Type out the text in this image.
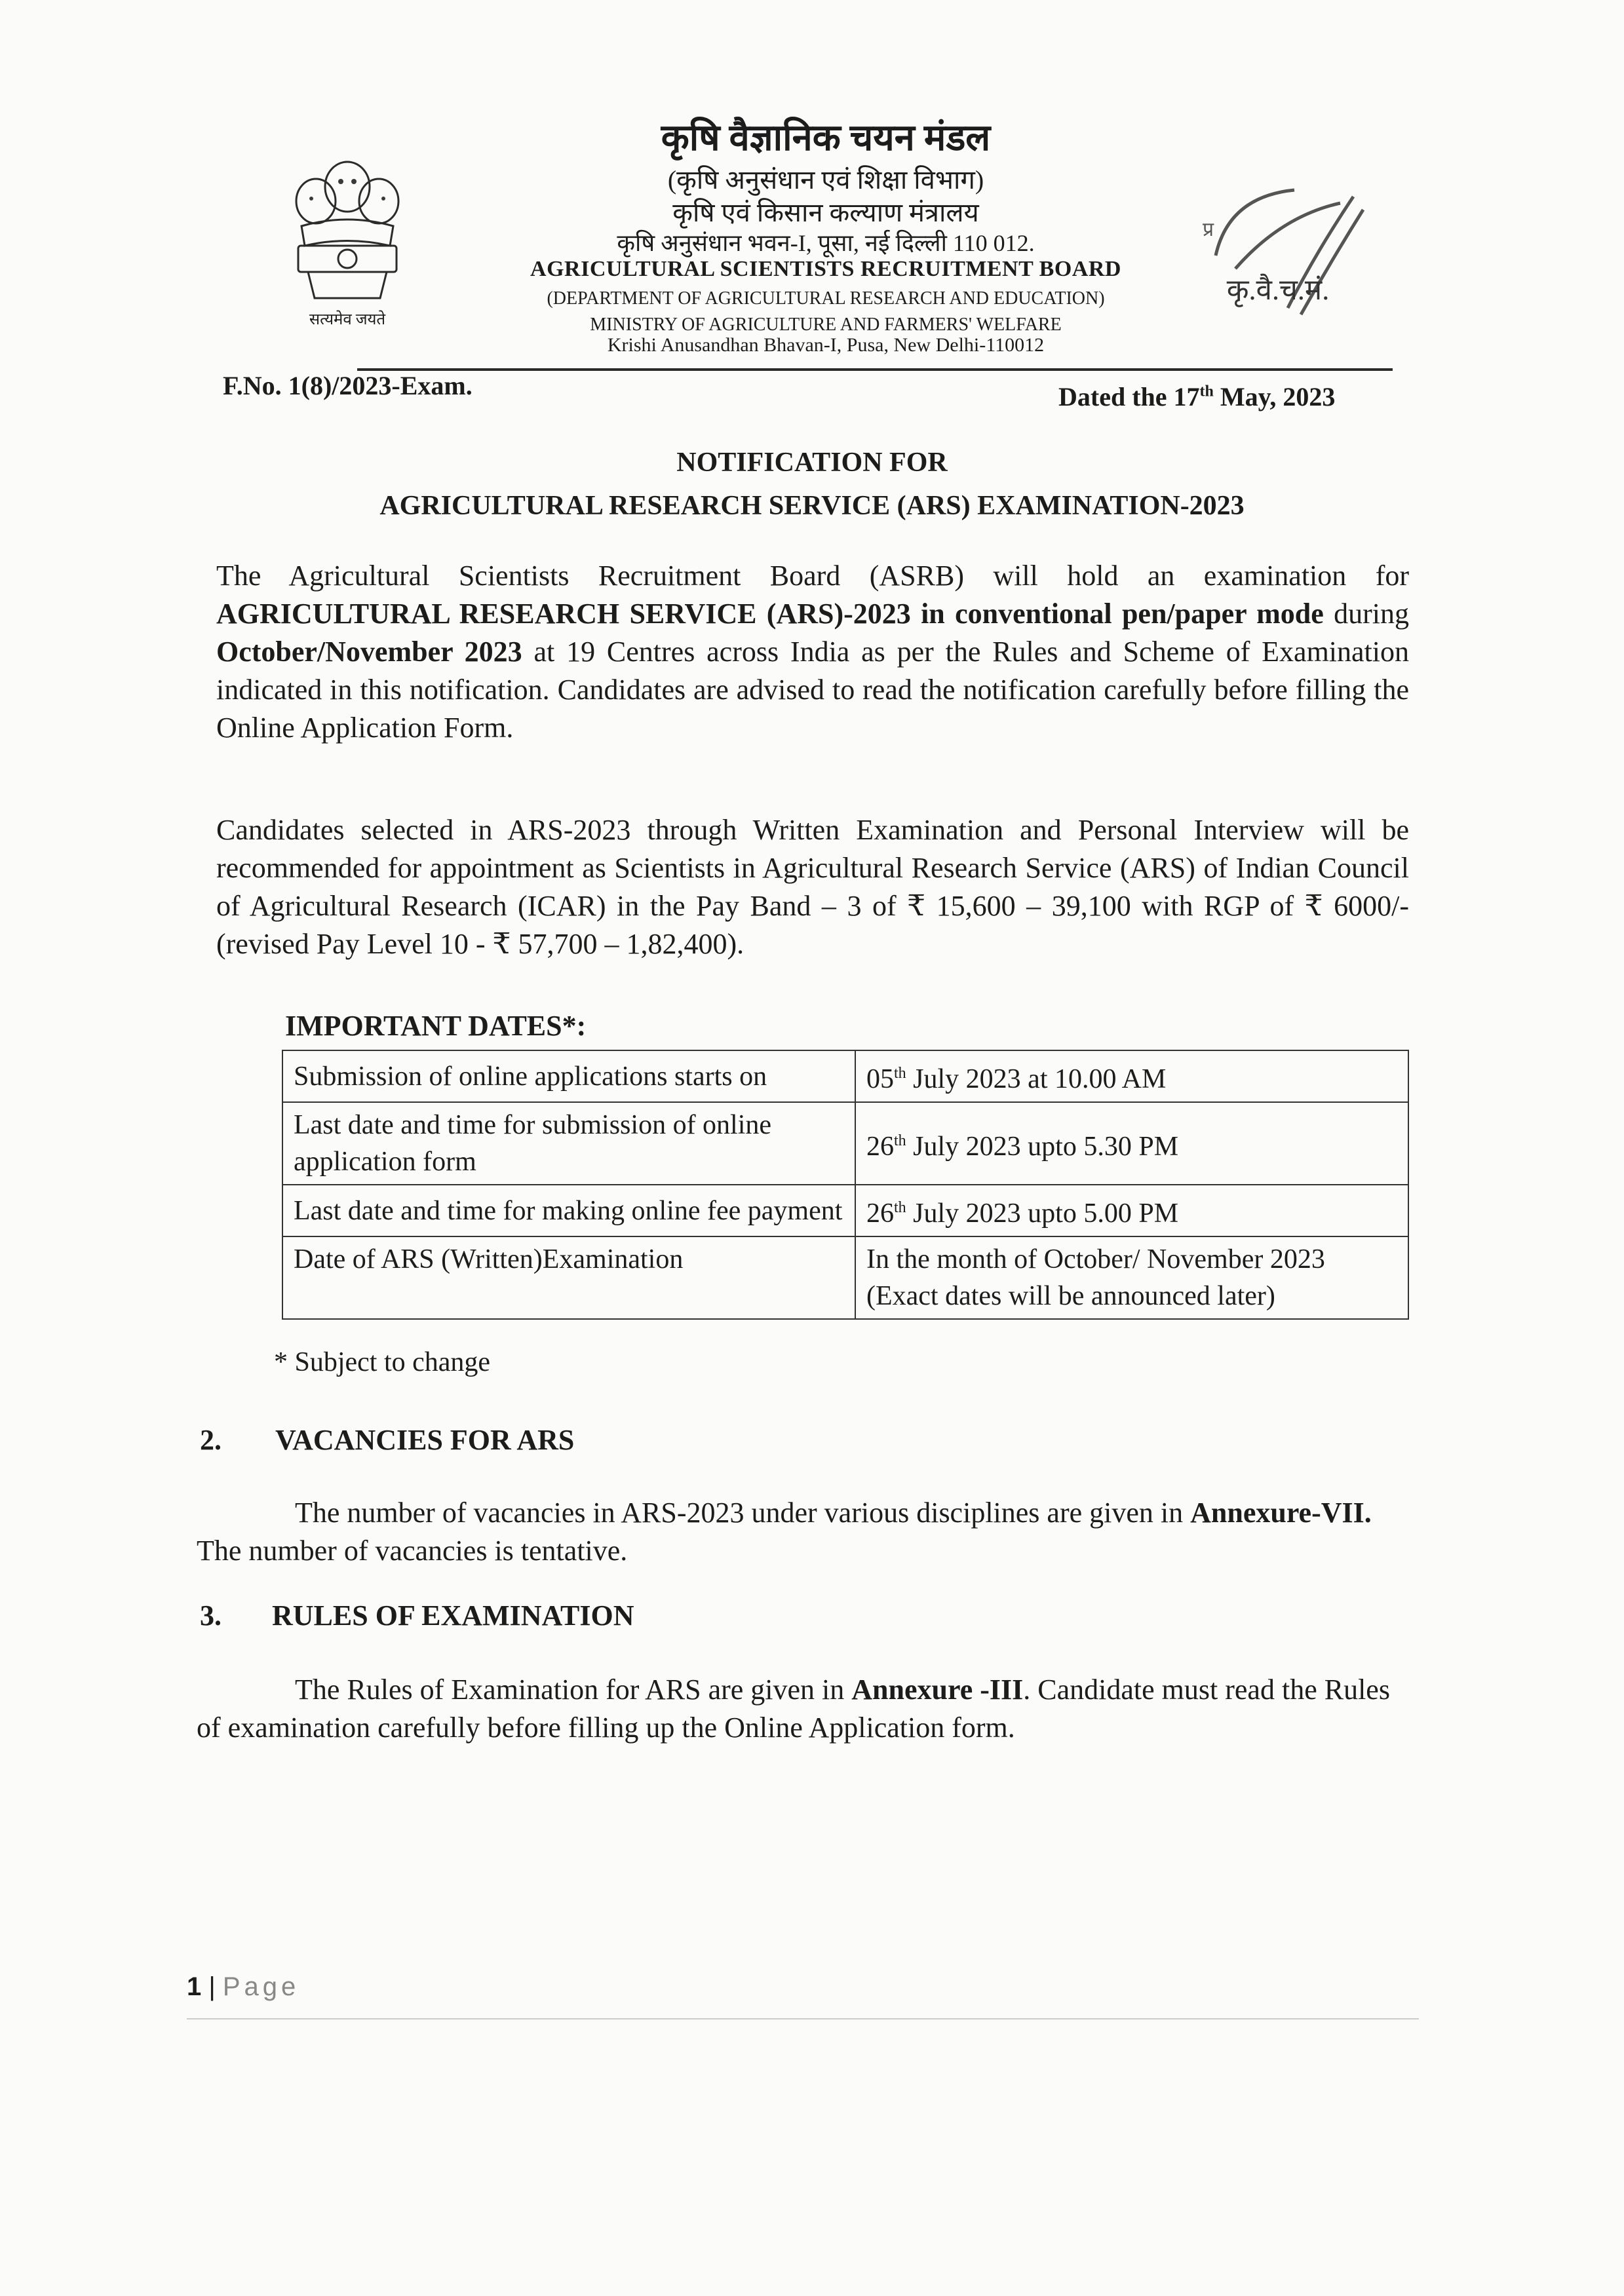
सत्यमेव जयते
कृषि वैज्ञानिक चयन मंडल
(कृषि अनुसंधान एवं शिक्षा विभाग)
कृषि एवं किसान कल्याण मंत्रालय
कृषि अनुसंधान भवन-I, पूसा, नई दिल्ली 110 012.
AGRICULTURAL SCIENTISTS RECRUITMENT BOARD
(DEPARTMENT OF AGRICULTURAL RESEARCH AND EDUCATION)
MINISTRY OF AGRICULTURE AND FARMERS' WELFARE
Krishi Anusandhan Bhavan-I, Pusa, New Delhi-110012
प्र
कृ.वै.च.मं.
F.No. 1(8)/2023-Exam.	Dated the 17th May, 2023
NOTIFICATION FOR
AGRICULTURAL RESEARCH SERVICE (ARS) EXAMINATION-2023
The Agricultural Scientists Recruitment Board (ASRB) will hold an examination for AGRICULTURAL RESEARCH SERVICE (ARS)-2023 in conventional pen/paper mode during October/November 2023 at 19 Centres across India as per the Rules and Scheme of Examination indicated in this notification. Candidates are advised to read the notification carefully before filling the Online Application Form.
Candidates selected in ARS-2023 through Written Examination and Personal Interview will be recommended for appointment as Scientists in Agricultural Research Service (ARS) of Indian Council of Agricultural Research (ICAR) in the Pay Band – 3 of ₹ 15,600 – 39,100 with RGP of ₹ 6000/- (revised Pay Level 10 - ₹ 57,700 – 1,82,400).
IMPORTANT DATES*:
Submission of online applications starts on	05th July 2023 at 10.00 AM
Last date and time for submission of online application form	26th July 2023 upto 5.30 PM
Last date and time for making online fee payment	26th July 2023 upto 5.00 PM
Date of ARS (Written)Examination	In the month of October/ November 2023
(Exact dates will be announced later)
* Subject to change
2. VACANCIES FOR ARS
The number of vacancies in ARS-2023 under various disciplines are given in Annexure-VII. The number of vacancies is tentative.
3. RULES OF EXAMINATION
The Rules of Examination for ARS are given in Annexure -III. Candidate must read the Rules of examination carefully before filling up the Online Application form.
1 | Page
